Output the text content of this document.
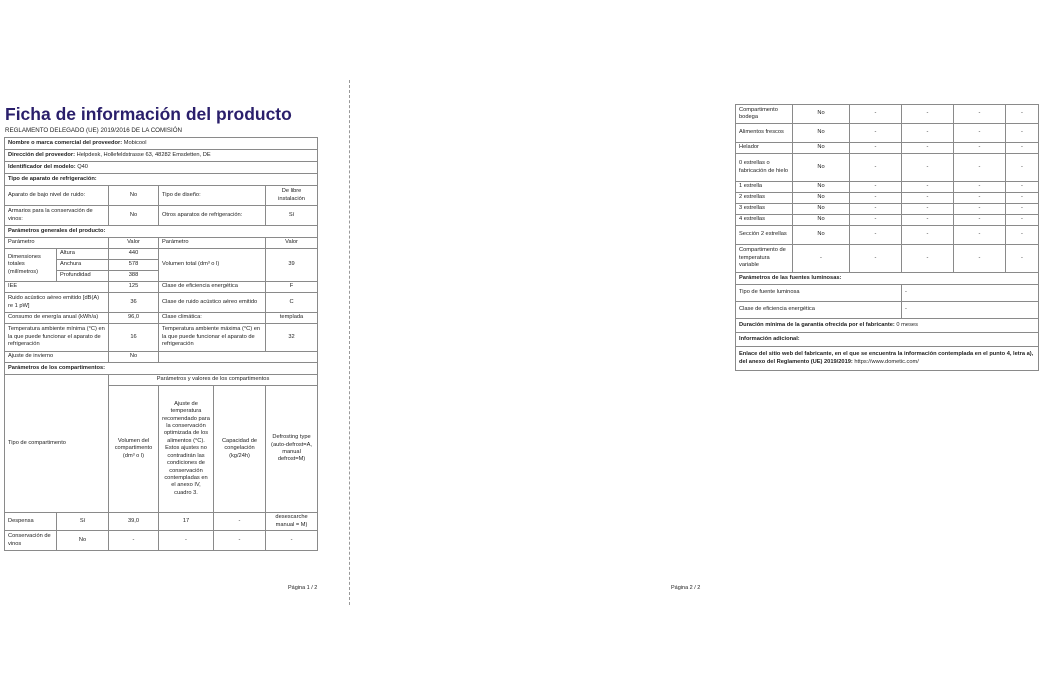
Ficha de información del producto
REGLAMENTO DELEGADO (UE) 2019/2016 DE LA COMISIÓN
Nombre o marca comercial del proveedor: Mobicool					
Dirección del proveedor: Helpdesk, Hollefeldstrasse 63, 48282 Emsdetten, DE					
Identificador del modelo: Q40					
Tipo de aparato de refrigeración:					
Aparato de bajo nivel de ruido:		No	Tipo de diseño:		De libre instalación
Armarios para la conservación de vinos:		No	Otros aparatos de refrigeración:		Sí
Parámetros generales del producto:					
Parámetro		Valor	Parámetro		Valor
Dimensiones totales (milímetros)	Altura	440	Volumen total (dm³ o l)		39
	Anchura	578			
	Profundidad	388			
IEE		125	Clase de eficiencia energética		F
Ruido acústico aéreo emitido [dB(A) re 1 pW]		36	Clase de ruido acústico aéreo emitido		C
Consumo de energía anual (kWh/a)		96,0	Clase climática:		templada
Temperatura ambiente mínima (°C) en la que puede funcionar el aparato de refrigeración		16	Temperatura ambiente máxima (°C) en la que puede funcionar el aparato de refrigeración		32
Ajuste de invierno		No			
Parámetros de los compartimentos:					
Tipo de compartimento		Parámetros y valores de los compartimentos			
		Volumen del compartimento (dm³ o l)	Ajuste de temperatura recomendado para la conservación optimizada de los alimentos (°C). Estos ajustes no contradirán las condiciones de conservación contempladas en el anexo IV, cuadro 3.	Capacidad de congelación (kg/24h)	Defrosting type (auto-defrost=A, manual defrost=M)
Despensa	Sí	39,0	17	-	desescarche manual = M)
Conservación de vinos	No	-	-	-	-
Página 1 / 2
Compartimento bodega	No	-	-	-	-
Alimentos frescos	No	-	-	-	-
Helador	No	-	-	-	-
0 estrellas o fabricación de hielo	No	-	-	-	-
1 estrella	No	-	-	-	-
2 estrellas	No	-	-	-	-
3 estrellas	No	-	-	-	-
4 estrellas	No	-	-	-	-
Sección 2 estrellas	No	-	-	-	-
Compartimento de temperatura variable	-	-	-	-	-
Parámetros de las fuentes luminosas:					
Tipo de fuente luminosa			-		
Clase de eficiencia energética			-		
Duración mínima de la garantía ofrecida por el fabricante: 0 meses					
Información adicional:					
Enlace del sitio web del fabricante, en el que se encuentra la información contemplada en el punto 4, letra a), del anexo del Reglamento (UE) 2019/2019: https://www.dometic.com/					
Página 2 / 2
